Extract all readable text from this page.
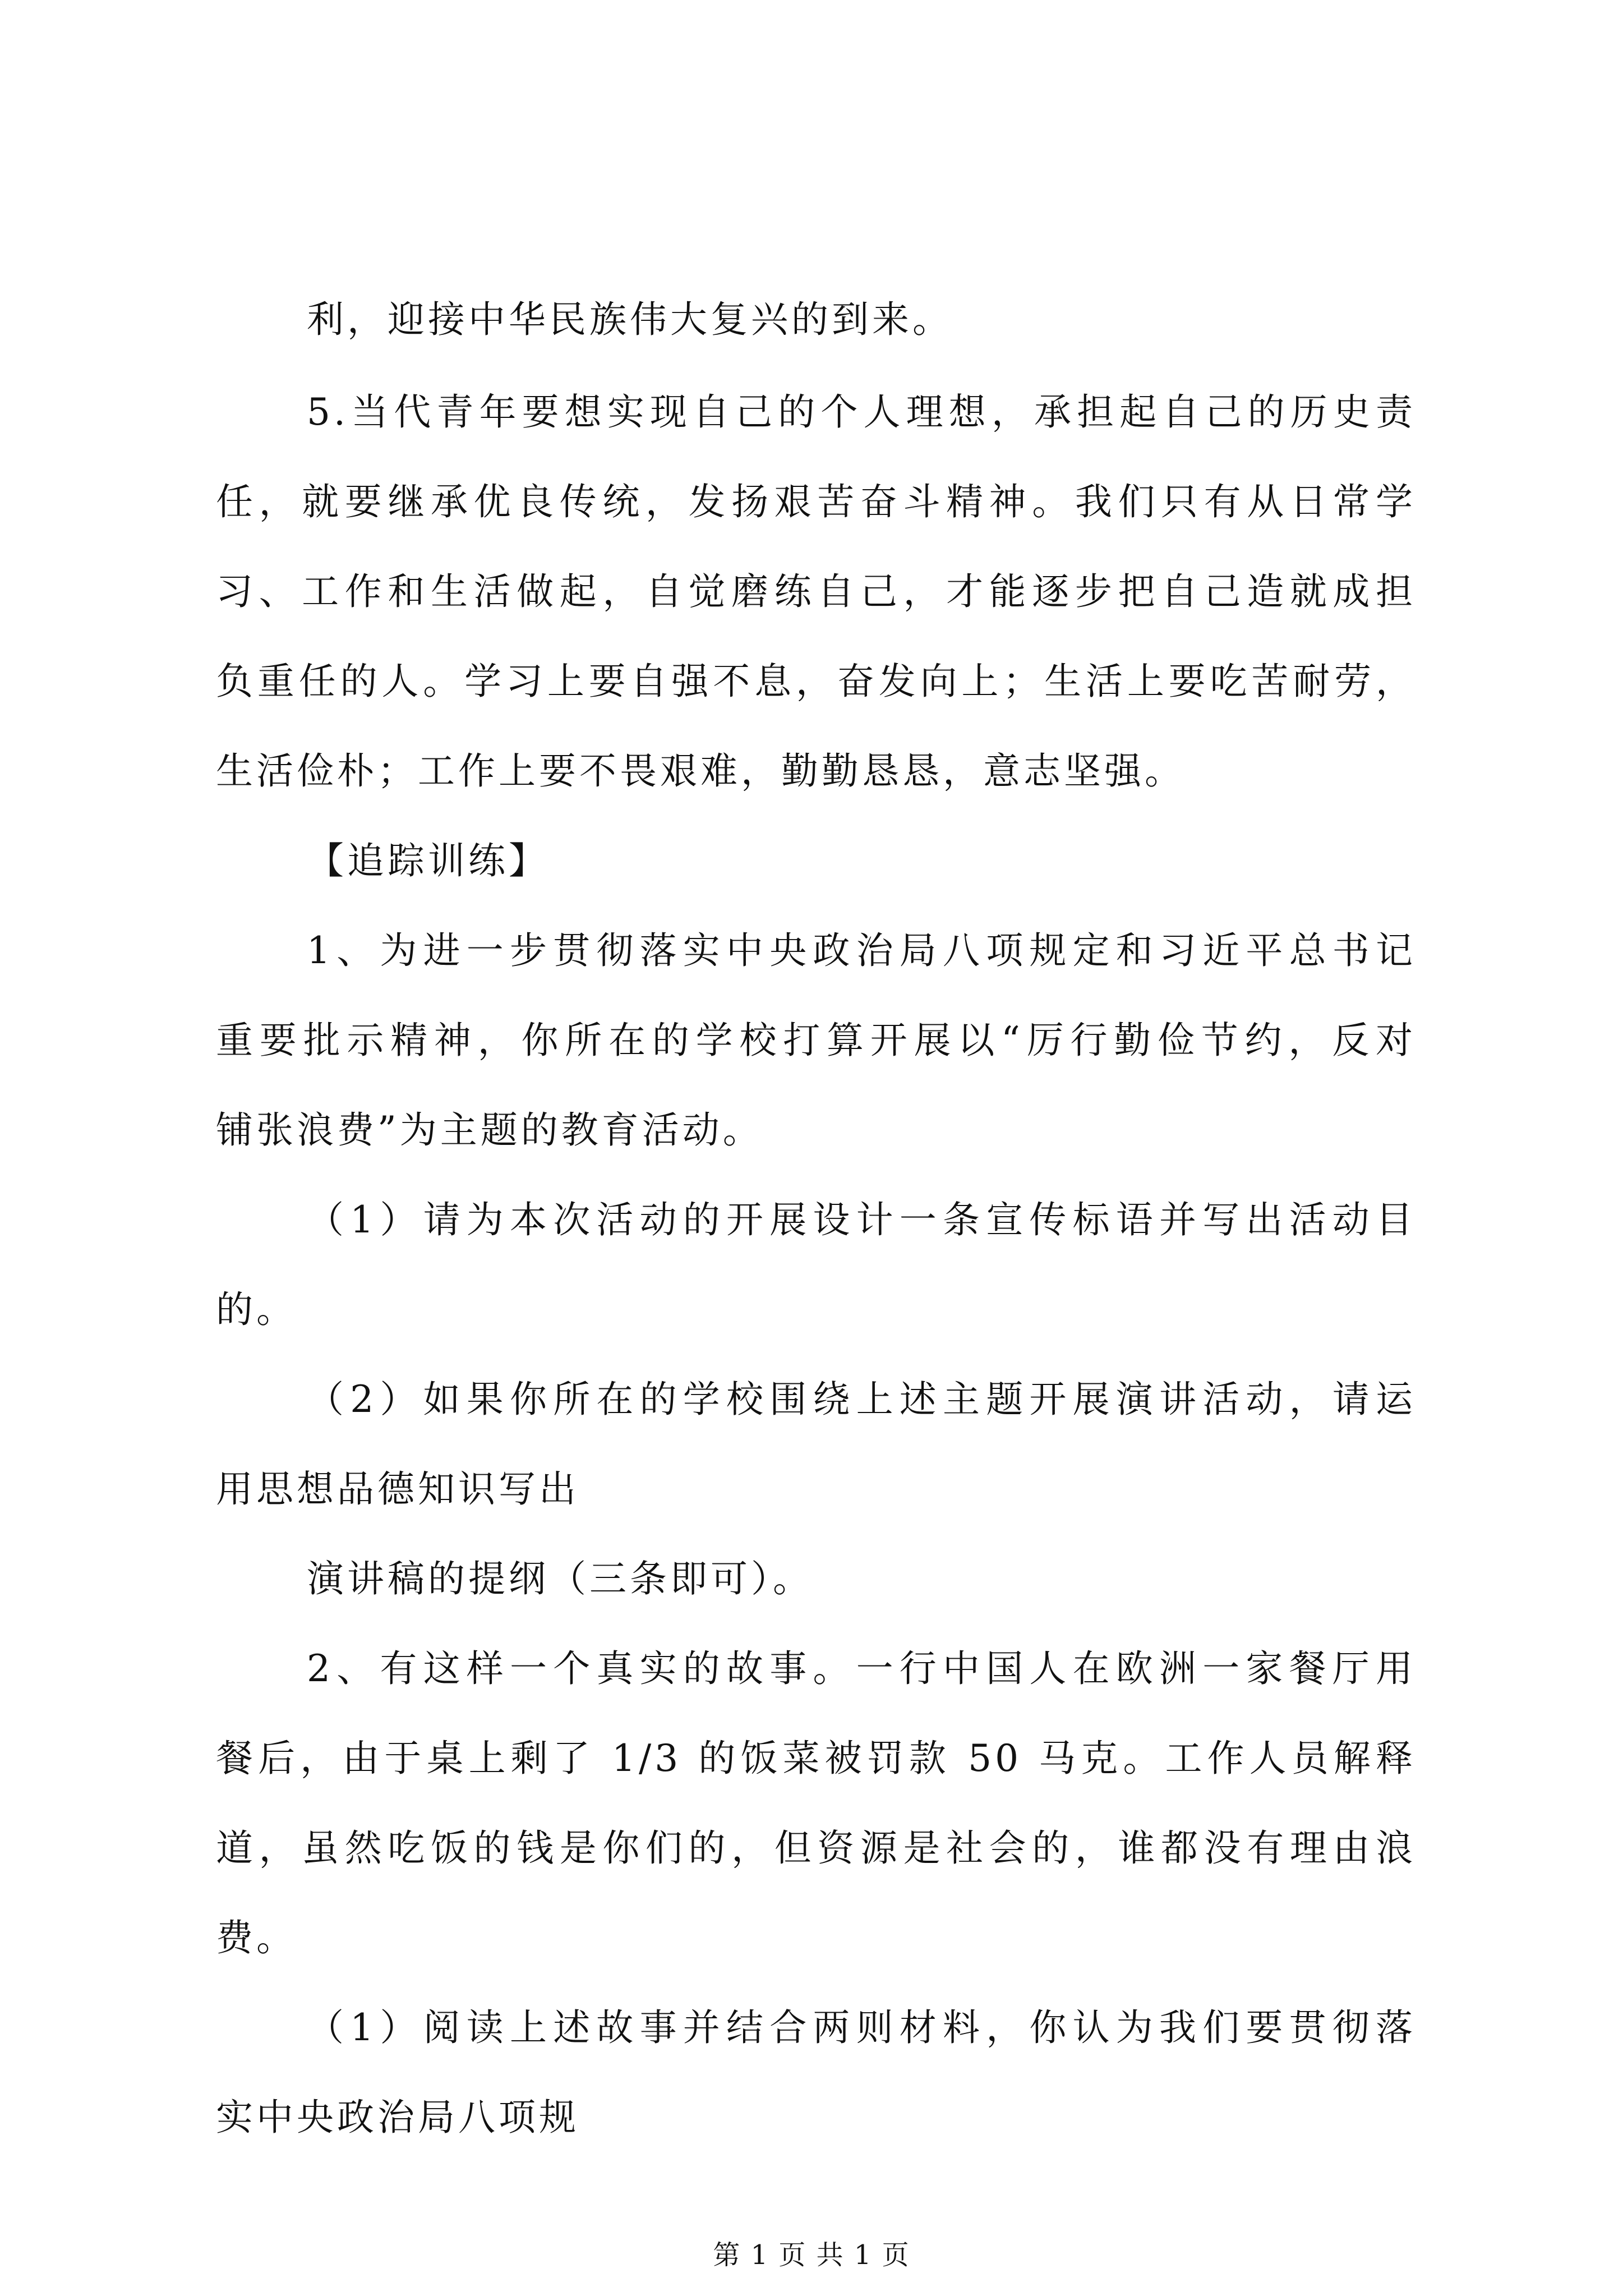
利，迎接中华民族伟大复兴的到来。
5.当代青年要想实现自己的个人理想，承担起自己的历史责
任，就要继承优良传统，发扬艰苦奋斗精神。我们只有从日常学
习、工作和生活做起，自觉磨练自己，才能逐步把自己造就成担
负重任的人。学习上要自强不息，奋发向上；生活上要吃苦耐劳，
生活俭朴；工作上要不畏艰难，勤勤恳恳，意志坚强。
【追踪训练】
1、为进一步贯彻落实中央政治局八项规定和习近平总书记
重要批示精神，你所在的学校打算开展以“厉行勤俭节约，反对
铺张浪费”为主题的教育活动。
（1）请为本次活动的开展设计一条宣传标语并写出活动目
的。
（2）如果你所在的学校围绕上述主题开展演讲活动，请运
用思想品德知识写出
演讲稿的提纲（三条即可）。
2、有这样一个真实的故事。一行中国人在欧洲一家餐厅用
餐后，由于桌上剩了 1/3 的饭菜被罚款 50 马克。工作人员解释
道，虽然吃饭的钱是你们的，但资源是社会的，谁都没有理由浪
费。
（1）阅读上述故事并结合两则材料，你认为我们要贯彻落
实中央政治局八项规
第 1 页 共 1 页
